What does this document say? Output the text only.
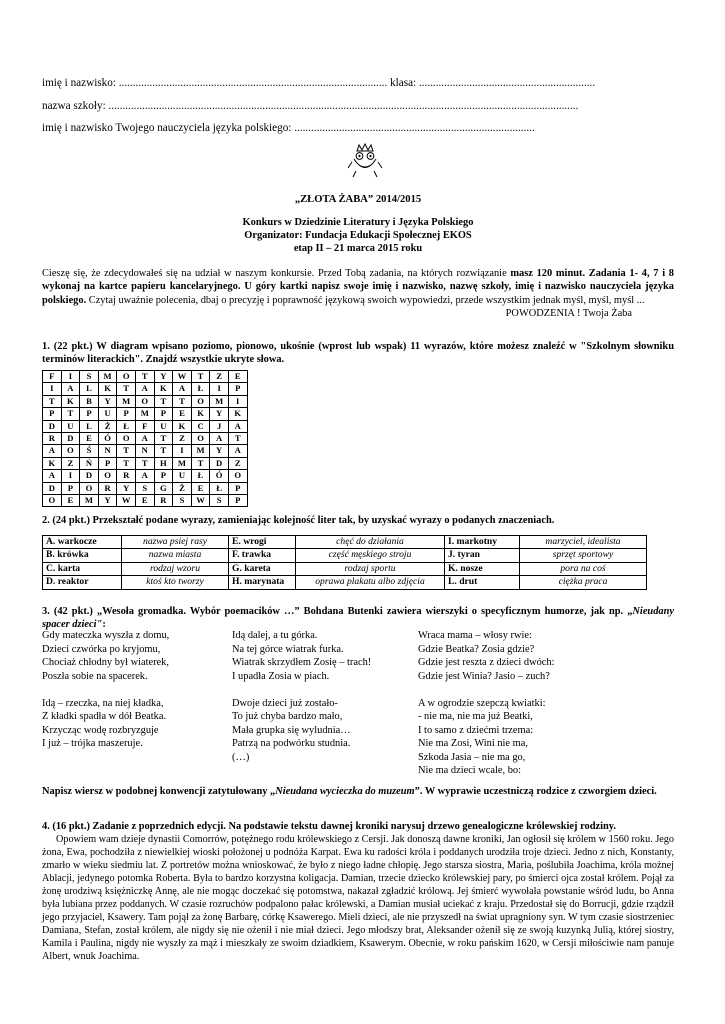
imię i nazwisko: ................................................................................................ klasa: ...............................................................
nazwa szkoły: ........................................................................................................................................................................
imię i nazwisko Twojego nauczyciela języka polskiego: ......................................................................................
„ZŁOTA ŻABA” 2014/2015
Konkurs w Dziedzinie Literatury i Języka Polskiego
Organizator: Fundacja Edukacji Społecznej EKOS
etap II – 21 marca 2015 roku
Cieszę się, że zdecydowałeś się na udział w naszym konkursie. Przed Tobą zadania, na których rozwiązanie masz 120 minut. Zadania 1- 4, 7 i 8 wykonaj na kartce papieru kancelaryjnego. U góry kartki napisz swoje imię i nazwisko, nazwę szkoły, imię i nazwisko nauczyciela języka polskiego. Czytaj uważnie polecenia, dbaj o precyzję i poprawność językową swoich wypowiedzi, przede wszystkim jednak myśl, myśl, myśl ...
POWODZENIA ! Twoja Żaba
1. (22 pkt.) W diagram wpisano poziomo, pionowo, ukośnie (wprost lub wspak) 11 wyrazów, które możesz znaleźć w "Szkolnym słowniku terminów literackich". Znajdź wszystkie ukryte słowa.
F	I	S	M	O	T	Y	W	T	Z	E
I	A	L	K	T	A	K	A	Ł	I	P
T	K	B	Y	M	O	T	T	O	M	I
P	T	P	U	P	M	P	E	K	Y	K
D	U	L	Ż	Ł	F	U	K	C	J	A
R	D	E	Ó	O	A	T	Z	O	A	T
A	O	Ś	N	T	N	T	I	M	Y	A
K	Z	Ń	P	T	T	H	M	T	D	Z
A	I	D	O	R	A	P	U	Ł	Ó	O
D	P	O	R	Y	S	G	Ż	E	Ł	P
O	E	M	Y	W	E	R	S	W	S	P
2. (24 pkt.) Przekształć podane wyrazy, zamieniając kolejność liter tak, by uzyskać wyrazy o podanych znaczeniach.
A. warkocze	nazwa psiej rasy	E. wrogi	chęć do działania	I. markotny	marzyciel, idealista
B. krówka	nazwa miasta	F. trawka	część męskiego stroju	J. tyran	sprzęt sportowy
C. karta	rodzaj wzoru	G. kareta	rodzaj sportu	K. nosze	pora na coś
D. reaktor	ktoś kto tworzy	H. marynata	oprawa plakatu albo zdjęcia	L. drut	ciężka praca
3. (42 pkt.) „Wesoła gromadka. Wybór poemacików …” Bohdana Butenki zawiera wierszyki o specyficznym humorze, jak np. „Nieudany spacer dzieci":
Gdy mateczka wyszła z domu,
Dzieci czwórka po kryjomu,
Chociaż chłodny był wiaterek,
Poszła sobie na spacerek.

Idą – rzeczka, na niej kładka,
Z kładki spadła w dół Beatka.
Krzycząc wodę rozbryzguje
I już – trójka maszeruje.
Idą dalej, a tu górka.
Na tej górce wiatrak furka.
Wiatrak skrzydłem Zosię – trach!
I upadła Zosia w piach.

Dwoje dzieci już zostało-
To już chyba bardzo mało,
Mała grupka się wyludnia…
Patrzą na podwórku studnia.
(…)
Wraca mama – włosy rwie:
Gdzie Beatka? Zosia gdzie?
Gdzie jest reszta z dzieci dwóch:
Gdzie jest Winia? Jasio – zuch?

A w ogrodzie szepczą kwiatki:
- nie ma, nie ma już Beatki,
I to samo z dziećmi trzema:
Nie ma Zosi, Wini nie ma,
Szkoda Jasia – nie ma go,
Nie ma dzieci wcale, bo:
Napisz wiersz w podobnej konwencji zatytułowany „Nieudana wycieczka do muzeum”. W wyprawie uczestniczą rodzice z czworgiem dzieci.
4. (16 pkt.) Zadanie z poprzednich edycji. Na podstawie tekstu dawnej kroniki narysuj drzewo genealogiczne królewskiej rodziny.
Opowiem wam dzieje dynastii Comorrów, potężnego rodu królewskiego z Cersji. Jak donoszą dawne kroniki, Jan ogłosił się królem w 1560 roku. Jego żona, Ewa, pochodziła z niewielkiej wioski położonej u podnóża Karpat. Ewa ku radości króla i poddanych urodziła troje dzieci. Jedno z nich, Konstanty, zmarło w wieku siedmiu lat. Z portretów można wnioskować, że było z niego ładne chłopię. Jego starsza siostra, Maria, poślubiła Joachima, króla możnej Ablacji, jedynego potomka Roberta. Była to bardzo korzystna koligacja. Damian, trzecie dziecko królewskiej pary, po śmierci ojca został królem. Pojął za żonę urodziwą księżniczkę Annę, ale nie mogąc doczekać się potomstwa, nakazał zgładzić królową. Jej śmierć wywołała powstanie wśród ludu, bo Anna była lubiana przez poddanych. W czasie rozruchów podpalono pałac królewski, a Damian musiał uciekać z kraju. Przedostał się do Borrucji, gdzie rządził jego przyjaciel, Ksawery. Tam pojął za żonę Barbarę, córkę Ksawerego. Mieli dzieci, ale nie przyszedł na świat upragniony syn. W tym czasie siostrzeniec Damiana, Stefan, został królem, ale nigdy się nie ożenił i nie miał dzieci. Jego młodszy brat, Aleksander ożenił się ze swoją kuzynką Julią, której siostry, Kamila i Paulina, nigdy nie wyszły za mąż i mieszkały ze swoim dziadkiem, Ksawerym. Obecnie, w roku pańskim 1620, w Cersji miłościwie nam panuje Albert, wnuk Joachima.
